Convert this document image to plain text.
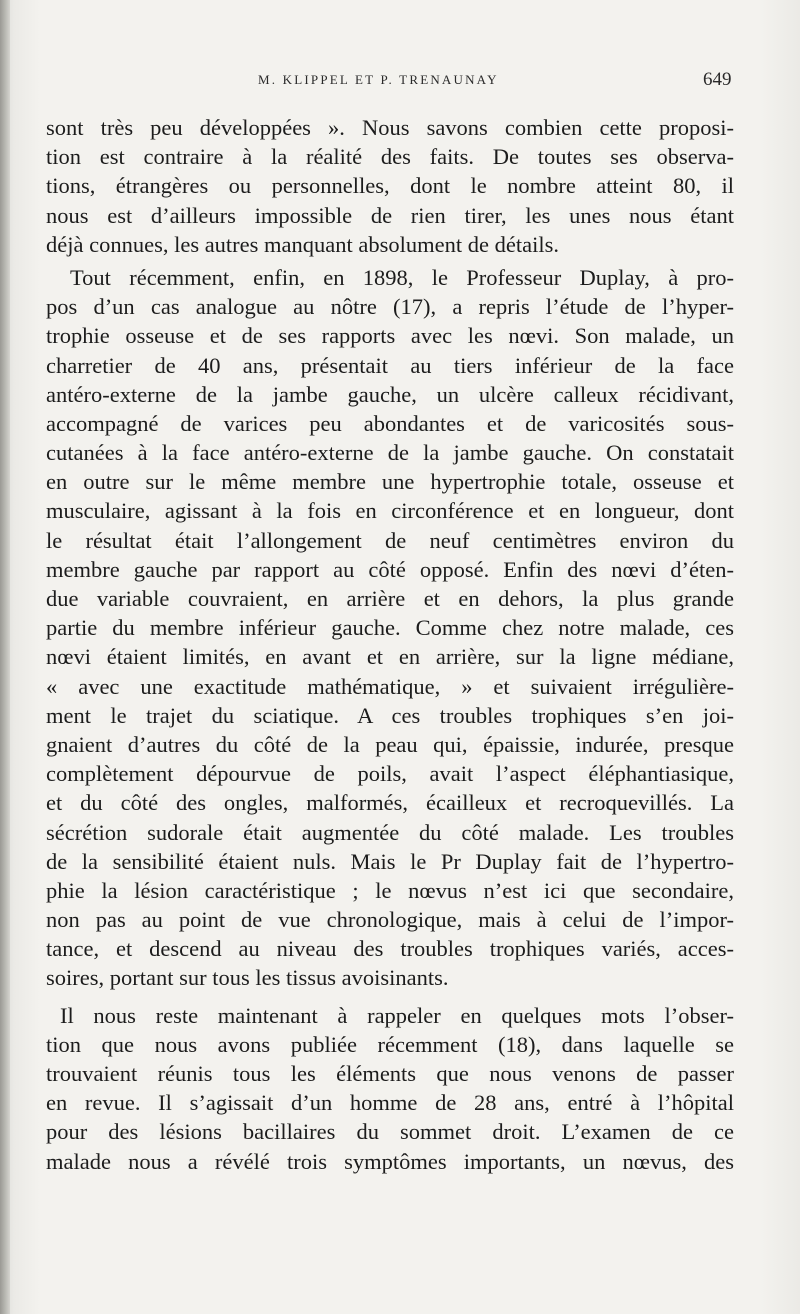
M. KLIPPEL ET P. TRENAUNAY	649
sont très peu développées ». Nous savons combien cette proposi-
tion est contraire à la réalité des faits. De toutes ses observa-
tions, étrangères ou personnelles, dont le nombre atteint 80, il
nous est d’ailleurs impossible de rien tirer, les unes nous étant
déjà connues, les autres manquant absolument de détails.
Tout récemment, enfin, en 1898, le Professeur Duplay, à pro-
pos d’un cas analogue au nôtre (17), a repris l’étude de l’hyper-
trophie osseuse et de ses rapports avec les nœvi. Son malade, un
charretier de 40 ans, présentait au tiers inférieur de la face
antéro-externe de la jambe gauche, un ulcère calleux récidivant,
accompagné de varices peu abondantes et de varicosités sous-
cutanées à la face antéro-externe de la jambe gauche. On constatait
en outre sur le même membre une hypertrophie totale, osseuse et
musculaire, agissant à la fois en circonférence et en longueur, dont
le résultat était l’allongement de neuf centimètres environ du
membre gauche par rapport au côté opposé. Enfin des nœvi d’éten-
due variable couvraient, en arrière et en dehors, la plus grande
partie du membre inférieur gauche. Comme chez notre malade, ces
nœvi étaient limités, en avant et en arrière, sur la ligne médiane,
« avec une exactitude mathématique, » et suivaient irrégulière-
ment le trajet du sciatique. A ces troubles trophiques s’en joi-
gnaient d’autres du côté de la peau qui, épaissie, indurée, presque
complètement dépourvue de poils, avait l’aspect éléphantiasique,
et du côté des ongles, malformés, écailleux et recroquevillés. La
sécrétion sudorale était augmentée du côté malade. Les troubles
de la sensibilité étaient nuls. Mais le Pr Duplay fait de l’hypertro-
phie la lésion caractéristique ; le nœvus n’est ici que secondaire,
non pas au point de vue chronologique, mais à celui de l’impor-
tance, et descend au niveau des troubles trophiques variés, acces-
soires, portant sur tous les tissus avoisinants.
Il nous reste maintenant à rappeler en quelques mots l’obser-
tion que nous avons publiée récemment (18), dans laquelle se
trouvaient réunis tous les éléments que nous venons de passer
en revue. Il s’agissait d’un homme de 28 ans, entré à l’hôpital
pour des lésions bacillaires du sommet droit. L’examen de ce
malade nous a révélé trois symptômes importants, un nœvus, des
